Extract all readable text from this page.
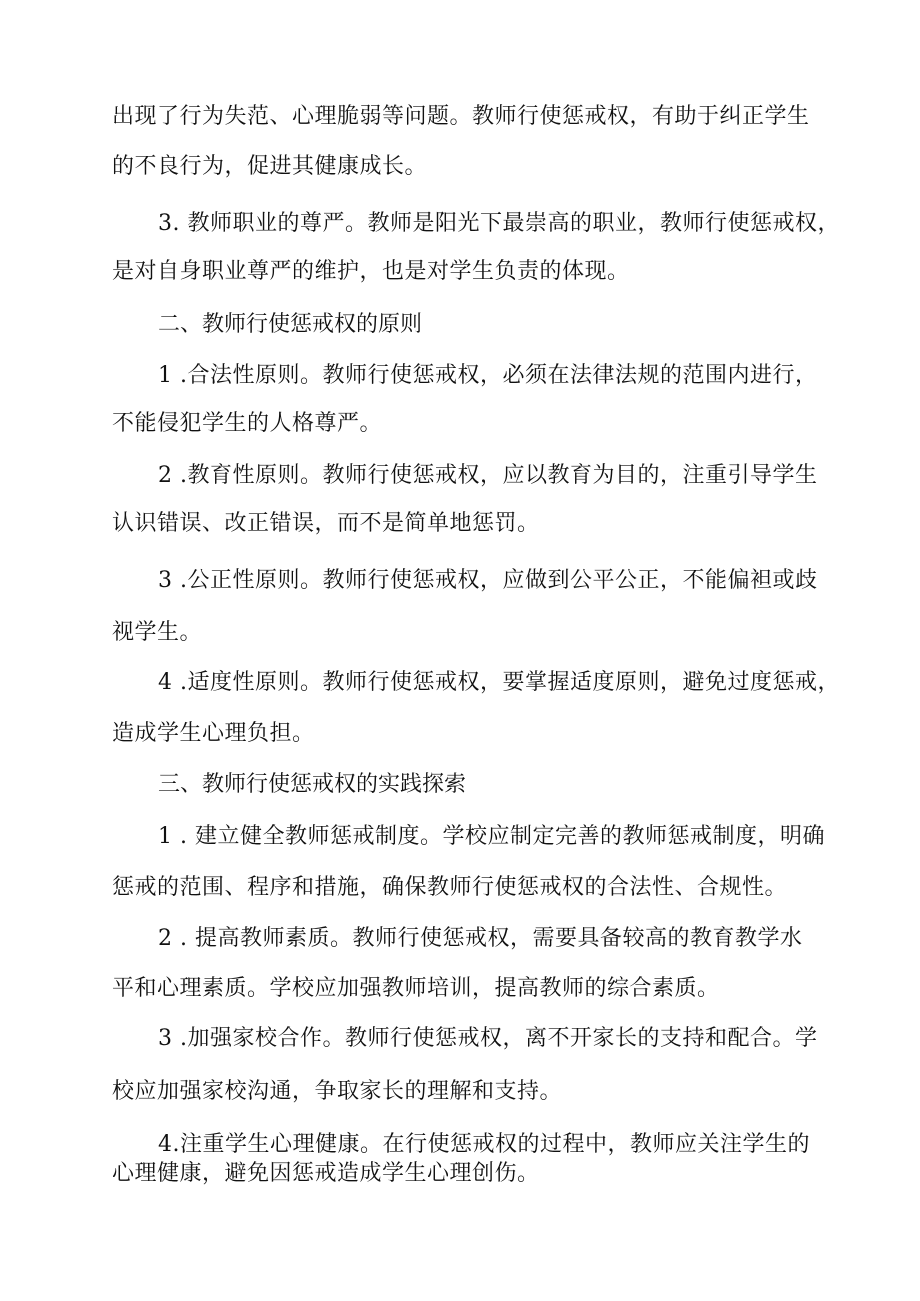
出现了行为失范、心理脆弱等问题。教师行使惩戒权，有助于纠正学生
的不良行为，促进其健康成长。
3. 教师职业的尊严。教师是阳光下最崇高的职业，教师行使惩戒权，
是对自身职业尊严的维护，也是对学生负责的体现。
二、教师行使惩戒权的原则
1 .合法性原则。教师行使惩戒权，必须在法律法规的范围内进行，
不能侵犯学生的人格尊严。
2 .教育性原则。教师行使惩戒权，应以教育为目的，注重引导学生
认识错误、改正错误，而不是简单地惩罚。
3 .公正性原则。教师行使惩戒权，应做到公平公正，不能偏袒或歧
视学生。
4 .适度性原则。教师行使惩戒权，要掌握适度原则，避免过度惩戒，
造成学生心理负担。
三、教师行使惩戒权的实践探索
1 . 建立健全教师惩戒制度。学校应制定完善的教师惩戒制度，明确
惩戒的范围、程序和措施，确保教师行使惩戒权的合法性、合规性。
2 . 提高教师素质。教师行使惩戒权，需要具备较高的教育教学水
平和心理素质。学校应加强教师培训，提高教师的综合素质。
3 .加强家校合作。教师行使惩戒权，离不开家长的支持和配合。学
校应加强家校沟通，争取家长的理解和支持。
4.注重学生心理健康。在行使惩戒权的过程中，教师应关注学生的
心理健康，避免因惩戒造成学生心理创伤。
